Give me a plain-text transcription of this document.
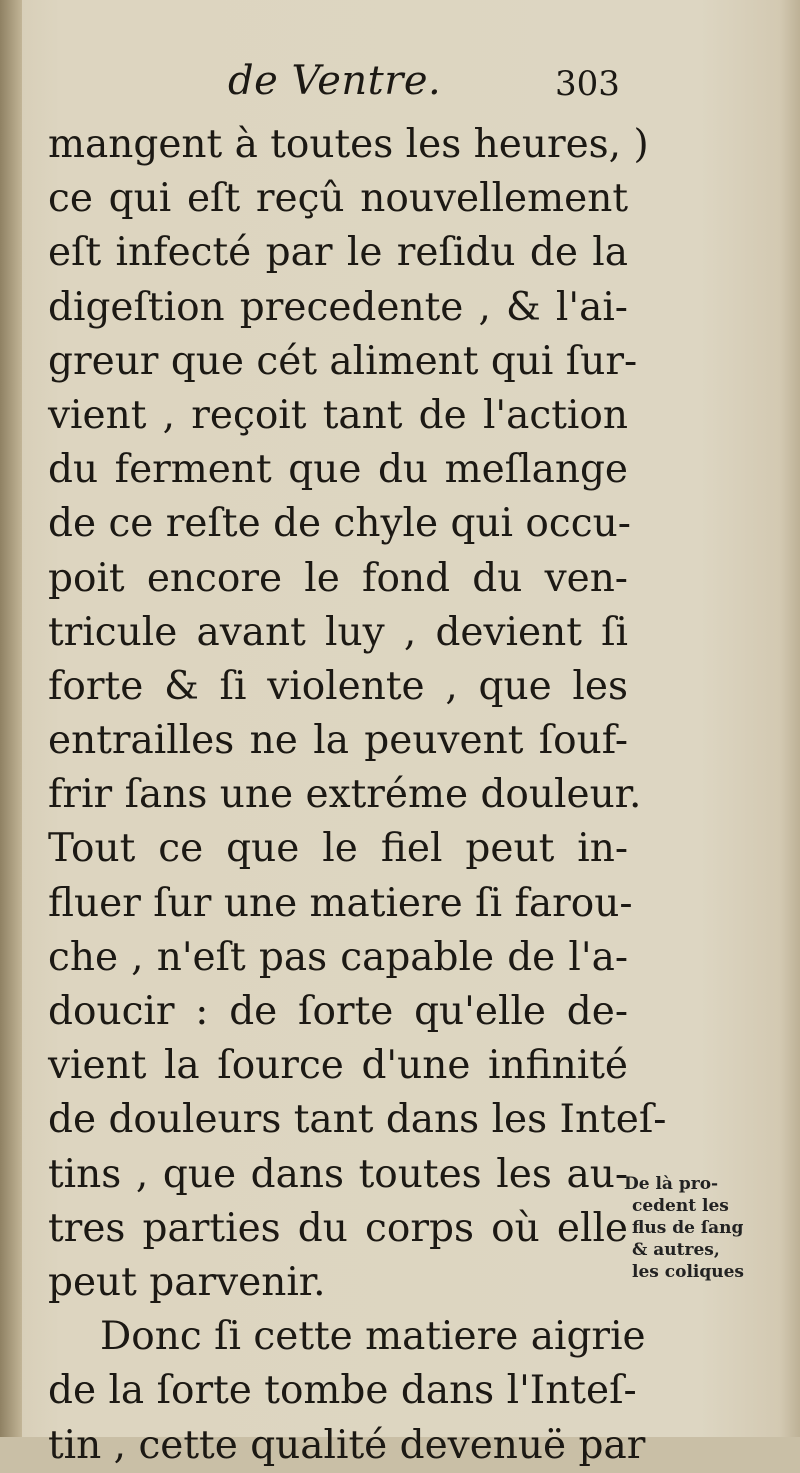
de Ventre.	303
mangent à toutes les heures, )
ce qui eſt reçû nouvellement
eſt infecté par le reſidu de la
digeſtion precedente , & l'ai-
greur que cét aliment qui ſur-
vient , reçoit tant de l'action
du ferment que du meſlange
de ce reſte de chyle qui occu-
poit encore le fond du ven-
tricule avant luy , devient ſi
forte & ſi violente , que les
entrailles ne la peuvent ſouf-
frir ſans une extréme douleur.
Tout ce que le fiel peut in-
fluer ſur une matiere ſi farou-
che , n'eſt pas capable de l'a-
doucir : de ſorte qu'elle de-
vient la ſource d'une infinité
de douleurs tant dans les Inteſ-
tins , que dans toutes les au-
tres parties du corps où elle
peut parvenir.
Donc ſi cette matiere aigrie
de la ſorte tombe dans l'Inteſ-
tin , cette qualité devenuë par
De là pro-
cedent les
flus de ſang
& autres,
les coliques
